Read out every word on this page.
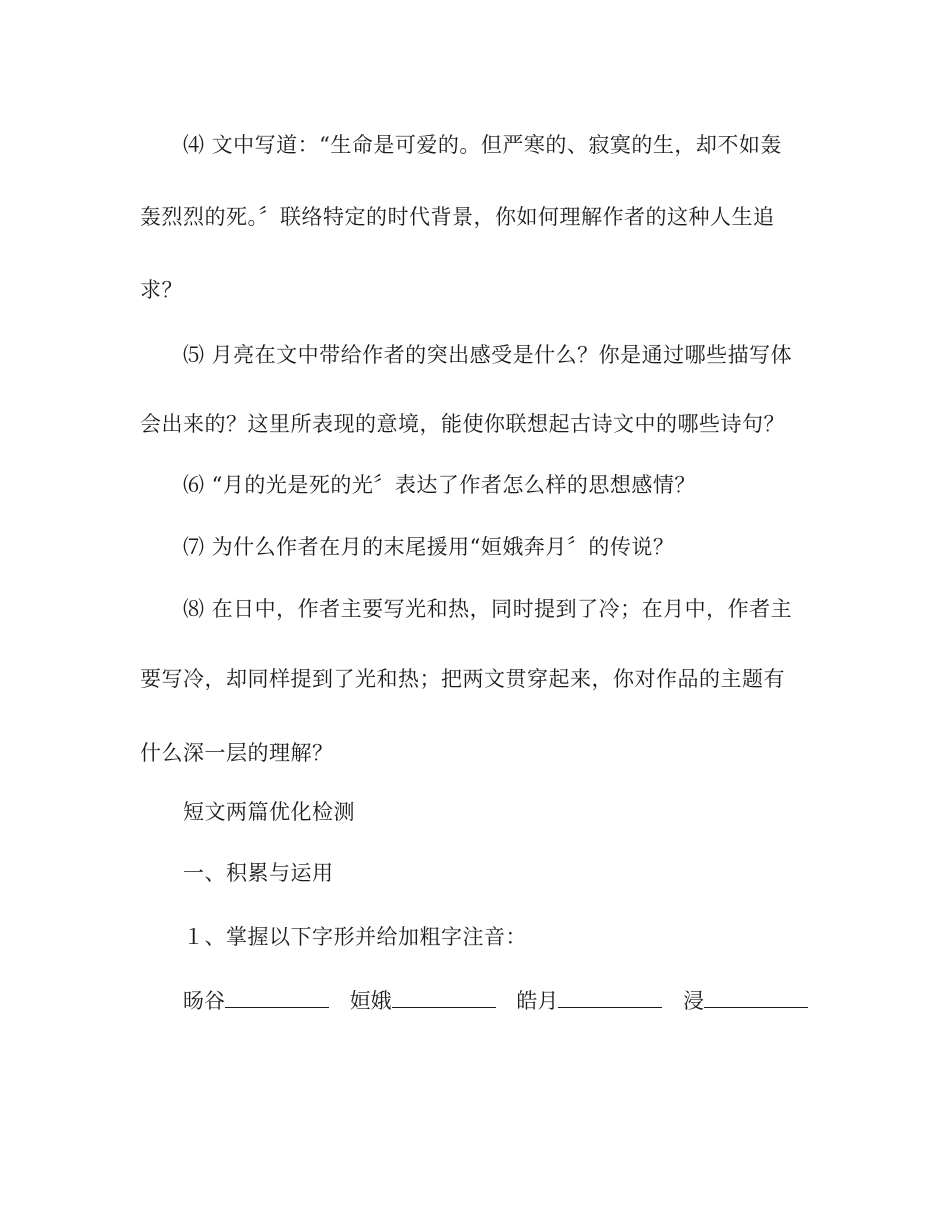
⑷ 文中写道：“生命是可爱的。但严寒的、寂寞的生，却不如轰
轰烈烈的死。〞联络特定的时代背景，你如何理解作者的这种人生追
求？
⑸ 月亮在文中带给作者的突出感受是什么？你是通过哪些描写体
会出来的？这里所表现的意境，能使你联想起古诗文中的哪些诗句？
⑹ “月的光是死的光〞表达了作者怎么样的思想感情？
⑺ 为什么作者在月的末尾援用“姮娥奔月〞的传说？
⑻ 在日中，作者主要写光和热，同时提到了冷；在月中，作者主
要写冷，却同样提到了光和热；把两文贯穿起来，你对作品的主题有
什么深一层的理解？
短文两篇优化检测
一、积累与运用
１、掌握以下字形并给加粗字注音：
旸谷	姮娥	皓月	浸
